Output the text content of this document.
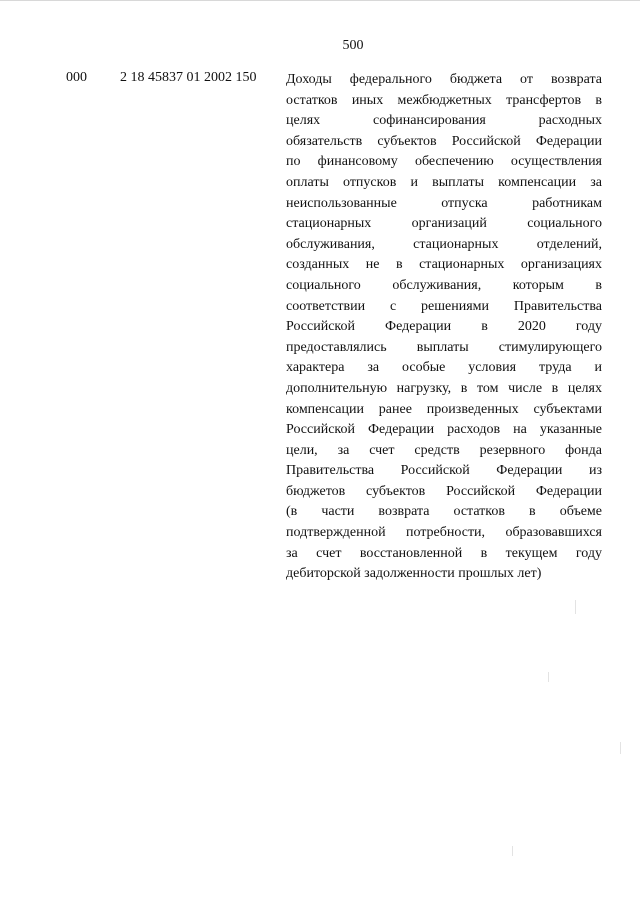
500
000 2 18 45837 01 2002 150 Доходы федерального бюджета от возврата
остатков иных межбюджетных трансфертов в
целях софинансирования расходных
обязательств субъектов Российской Федерации
по финансовому обеспечению осуществления
оплаты отпусков и выплаты компенсации за
неиспользованные отпуска работникам
стационарных организаций социального
обслуживания, стационарных отделений,
созданных не в стационарных организациях
социального обслуживания, которым в
соответствии с решениями Правительства
Российской Федерации в 2020 году
предоставлялись выплаты стимулирующего
характера за особые условия труда и
дополнительную нагрузку, в том числе в целях
компенсации ранее произведенных субъектами
Российской Федерации расходов на указанные
цели, за счет средств резервного фонда
Правительства Российской Федерации из
бюджетов субъектов Российской Федерации
(в части возврата остатков в объеме
подтвержденной потребности, образовавшихся
за счет восстановленной в текущем году
дебиторской задолженности прошлых лет)
